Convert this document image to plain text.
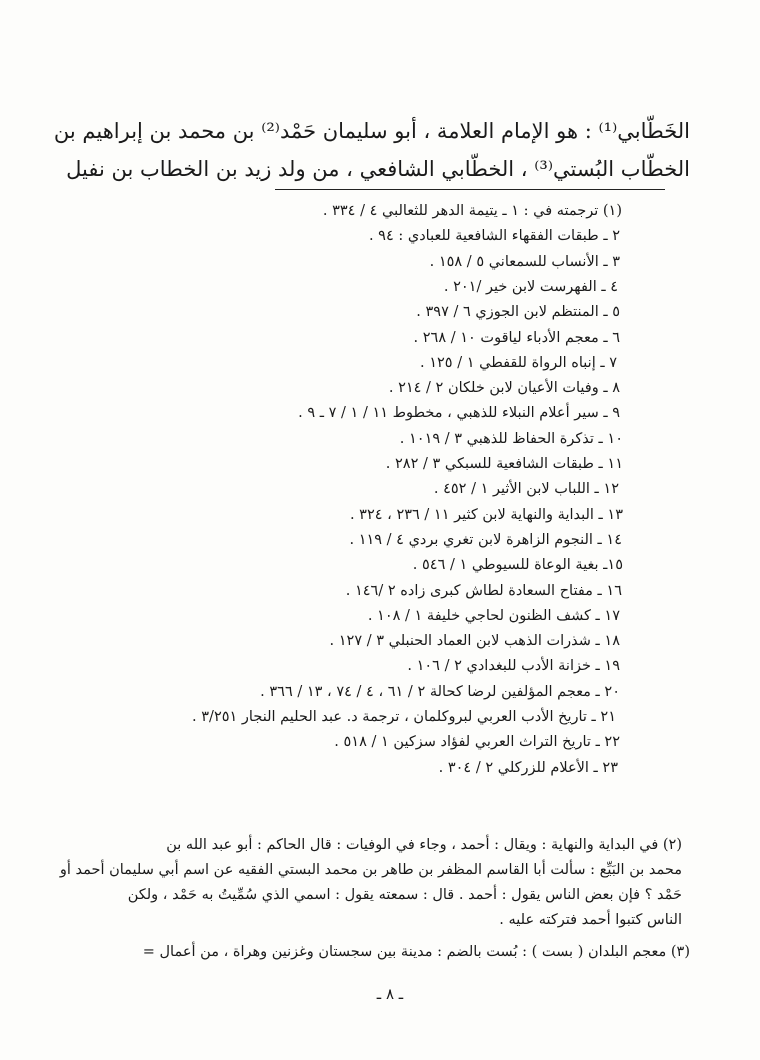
الخَطّابي⁽¹⁾ : هو الإمام العلامة ، أبو سليمان حَمْد⁽²⁾ بن محمد بن إبراهيم بن
الخطّاب البُستي⁽³⁾ ، الخطّابي الشافعي ، من ولد زيد بن الخطاب بن نفيل
(١) ترجمته في : ١ ـ يتيمة الدهر للثعالبي ٤ / ٣٣٤ .
٢ ـ طبقات الفقهاء الشافعية للعبادي : ٩٤ .
٣ ـ الأنساب للسمعاني ٥ / ١٥٨ .
٤ ـ الفهرست لابن خير /٢٠١ .
٥ ـ المنتظم لابن الجوزي ٦ / ٣٩٧ .
٦ ـ معجم الأدباء لياقوت ١٠ / ٢٦٨ .
٧ ـ إنباه الرواة للقفطي ١ / ١٢٥ .
٨ ـ وفيات الأعيان لابن خلكان ٢ / ٢١٤ .
٩ ـ سير أعلام النبلاء للذهبي ، مخطوط ١١ / ١ / ٧ ـ ٩ .
١٠ ـ تذكرة الحفاظ للذهبي ٣ / ١٠١٩ .
١١ ـ طبقات الشافعية للسبكي ٣ / ٢٨٢ .
١٢ ـ اللباب لابن الأثير ١ / ٤٥٢ .
١٣ ـ البداية والنهاية لابن كثير ١١ / ٢٣٦ ، ٣٢٤ .
١٤ ـ النجوم الزاهرة لابن تغري بردي ٤ / ١١٩ .
١٥ـ بغية الوعاة للسيوطي ١ / ٥٤٦ .
١٦ ـ مفتاح السعادة لطاش كبرى زاده ٢ /١٤٦ .
١٧ ـ كشف الظنون لحاجي خليفة ١ / ١٠٨ .
١٨ ـ شذرات الذهب لابن العماد الحنبلي ٣ / ١٢٧ .
١٩ ـ خزانة الأدب للبغدادي ٢ / ١٠٦ .
٢٠ ـ معجم المؤلفين لرضا كحالة ٢ / ٦١ ، ٤ / ٧٤ ، ١٣ / ٣٦٦ .
٢١ ـ تاريخ الأدب العربي لبروكلمان ، ترجمة د. عبد الحليم النجار ٣/٢٥١ .
٢٢ ـ تاريخ التراث العربي لفؤاد سزكين ١ / ٥١٨ .
٢٣ ـ الأعلام للزركلي ٢ / ٣٠٤ .
(٢) في البداية والنهاية : ويقال : أحمد ، وجاء في الوفيات : قال الحاكم : أبو عبد الله بن
محمد بن البَيِّع : سألت أبا القاسم المظفر بن طاهر بن محمد البستي الفقيه عن اسم أبي سليمان أحمد أو
حَمْد ؟ فإن بعض الناس يقول : أحمد . قال : سمعته يقول : اسمي الذي سُمِّيتُ به حَمْد ، ولكن
الناس كتبوا أحمد فتركته عليه .
(٣) معجم البلدان ( بست ) : بُست بالضم : مدينة بين سجستان وغزنين وهراة ، من أعمال =
ـ ٨ ـ
